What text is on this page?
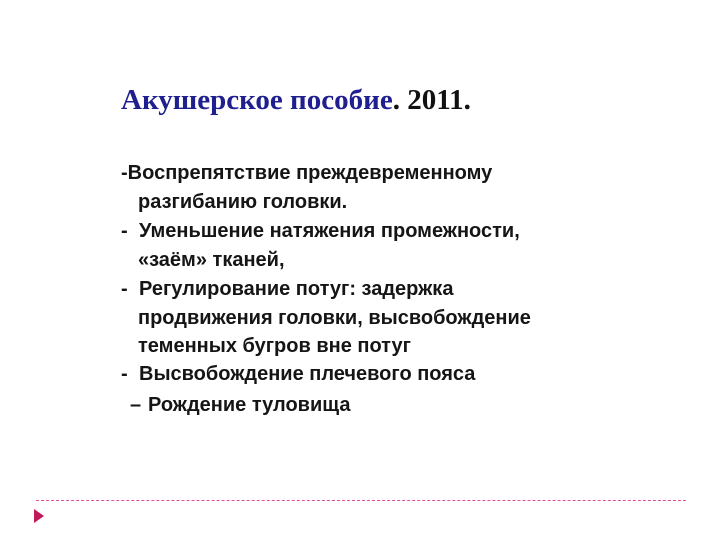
Акушерское пособие. 2011.
-Воспрепятствие преждевременному
разгибанию головки.
-Уменьшение натяжения промежности,
«заём» тканей,
-Регулирование потуг: задержка
продвижения головки, высвобождение
теменных бугров вне потуг
-Высвобождение плечевого пояса
–Рождение туловища
